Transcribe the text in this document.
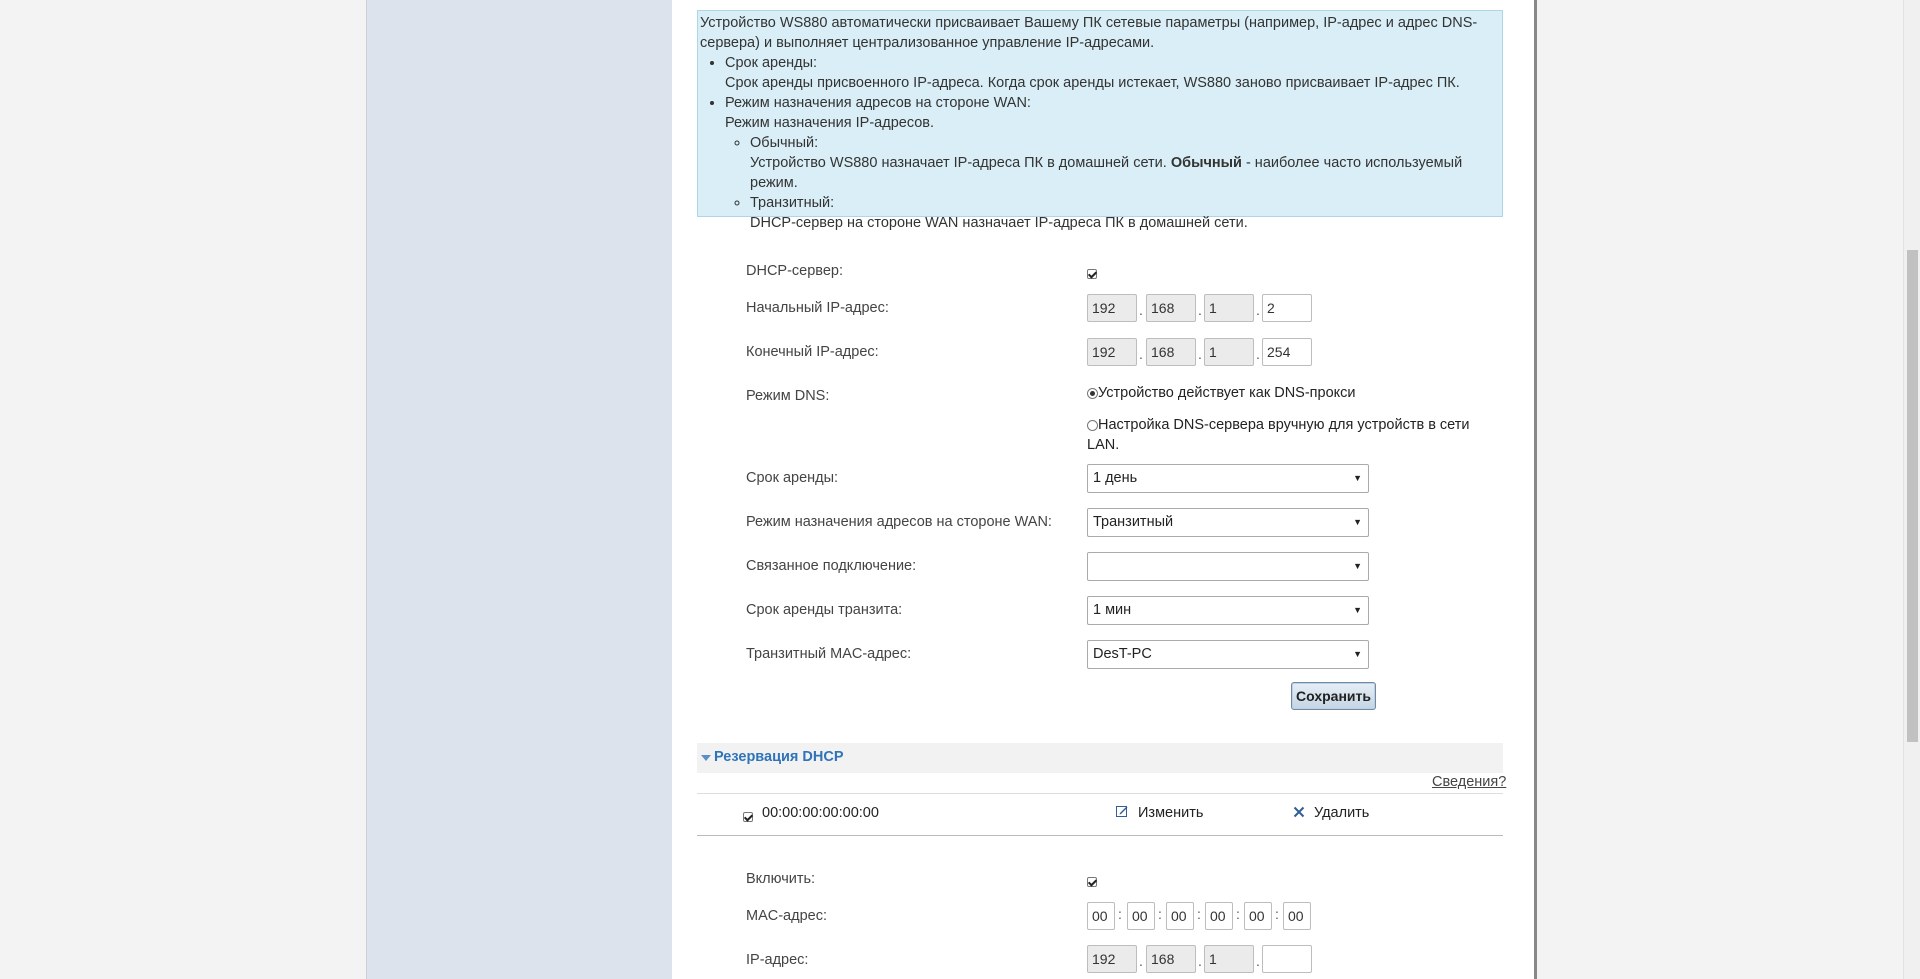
Устройство WS880 автоматически присваивает Вашему ПК сетевые параметры (например, IP-адрес и адрес DNS-сервера) и выполняет централизованное управление IP-адресами.
• Срок аренды:
Срок аренды присвоенного IP-адреса. Когда срок аренды истекает, WS880 заново присваивает IP-адрес ПК.
• Режим назначения адресов на стороне WAN:
Режим назначения IP-адресов.
◦ Обычный:
Устройство WS880 назначает IP-адреса ПК в домашней сети. Обычный - наиболее часто используемый режим.
◦ Транзитный:
DHCP-сервер на стороне WAN назначает IP-адреса ПК в домашней сети.
DHCP-сервер:
Начальный IP-адрес:	192	. 168	. 1	. 2
Конечный IP-адрес:	192	. 168	. 1	. 254
Режим DNS:	Устройство действует как DNS-прокси
Настройка DNS-сервера вручную для устройств в сети LAN.
Срок аренды:	1 день	▼
Режим назначения адресов на стороне WAN:	Транзитный	▼
Связанное подключение:	▼
Срок аренды транзита:	1 мин	▼
Транзитный MAC-адрес:	DesT-PC	▼
Сохранить
Резервация DHCP
Сведения?
00:00:00:00:00:00	Изменить	Удалить
Включить:
MAC-адрес:	00 : 00 : 00 : 00 : 00 : 00
IP-адрес:	192	. 168	. 1	.
